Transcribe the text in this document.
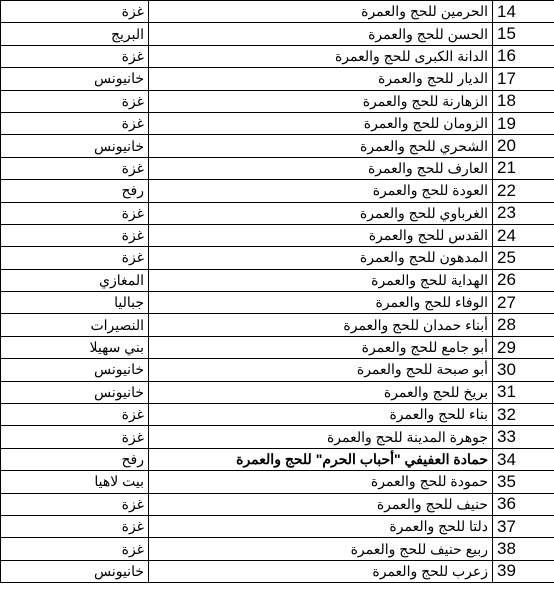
غزة	الحرمين للحج والعمرة	14
البريج	الحسن للحج والعمرة	15
غزة	الدانة الكبرى للحج والعمرة	16
خانيونس	الديار للحج والعمرة	17
غزة	الزهارنة للحج والعمرة	18
غزة	الزومان للحج والعمرة	19
خانيونس	الشحري للحج والعمرة	20
غزة	العارف للحج والعمرة	21
رفح	العودة للحج والعمرة	22
غزة	الغرباوي للحج والعمرة	23
غزة	القدس للحج والعمرة	24
غزة	المدهون للحج والعمرة	25
المغازي	الهداية للحج والعمرة	26
جباليا	الوفاء للحج والعمرة	27
النصيرات	أبناء حمدان للحج والعمرة	28
بني سهيلا	أبو جامع للحج والعمرة	29
خانيونس	أبو صبحة للحج والعمرة	30
خانيونس	بريخ للحج والعمرة	31
غزة	بناء للحج والعمرة	32
غزة	جوهرة المدينة للحج والعمرة	33
رفح	حمادة العفيفي "أحباب الحرم" للحج والعمرة	34
بيت لاهيا	حمودة للحج والعمرة	35
غزة	حنيف للحج والعمرة	36
غزة	دلتا للحج والعمرة	37
غزة	ربيع حنيف للحج والعمرة	38
خانيونس	زعرب للحج والعمرة	39
